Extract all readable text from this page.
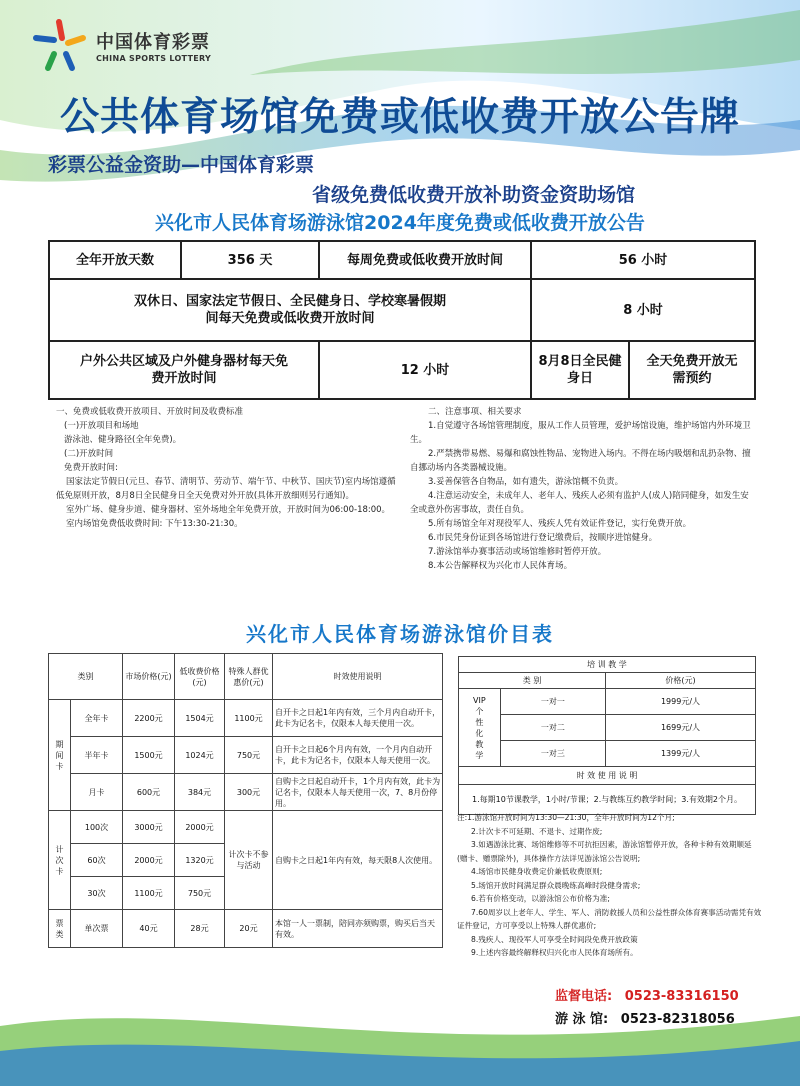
中国体育彩票
CHINA SPORTS LOTTERY
公共体育场馆免费或低收费开放公告牌
彩票公益金资助—中国体育彩票
省级免费低收费开放补助资金资助场馆
兴化市人民体育场游泳馆2024年度免费或低收费开放公告
全年开放天数	356 天	每周免费或低收费开放时间	56 小时	
双休日、国家法定节假日、全民健身日、学校寒暑假期间每天免费或低收费开放时间			8 小时	
户外公共区域及户外健身器材每天免费开放时间		12 小时	8月8日全民健身日	全天免费开放无需预约

一、免费或低收费开放项目、开放时间及收费标准

(一)开放项目和场地

游泳池、健身路径(全年免费)。

(二)开放时间

免费开放时间:

国家法定节假日(元旦、春节、清明节、劳动节、端午节、中秋节、国庆节)室内场馆遵循低免原则开放，8月8日全民健身日全天免费对外开放(具体开放细则另行通知)。

室外广场、健身步道、健身器材、室外场地全年免费开放，开放时间为06:00-18:00。

室内场馆免费低收费时间: 下午13:30-21:30。

二、注意事项、相关要求

1.自觉遵守各场馆管理制度，服从工作人员管理，爱护场馆设施，维护场馆内外环境卫生。

2.严禁携带易燃、易爆和腐蚀性物品、宠物进入场内。不得在场内吸烟和乱扔杂物、擅自挪动场内各类器械设施。

3.妥善保管各自物品，如有遗失，游泳馆概不负责。

4.注意运动安全，未成年人、老年人、残疾人必须有监护人(成人)陪同健身，如发生安全或意外伤害事故，责任自负。

5.所有场馆全年对现役军人、残疾人凭有效证件登记，实行免费开放。

6.市民凭身份证到各场馆进行登记缴费后，按顺序进馆健身。

7.游泳馆举办赛事活动或场馆维修时暂停开放。

8.本公告解释权为兴化市人民体育场。

兴化市人民体育场游泳馆价目表
类别		市场价格(元)	低收费价格(元)	特殊人群优惠价(元)	时效使用说明
期间卡	全年卡	2200元	1504元	1100元	自开卡之日起1年内有效，三个月内自动开卡，此卡为记名卡，仅限本人每天使用一次。
	半年卡	1500元	1024元	750元	自开卡之日起6个月内有效，一个月内自动开卡，此卡为记名卡，仅限本人每天使用一次。
	月卡	600元	384元	300元	自购卡之日起自动开卡，1个月内有效，此卡为记名卡，仅限本人每天使用一次，7、8月份停用。
计次卡	100次	3000元	2000元	计次卡不参与活动	自购卡之日起1年内有效，每天限8人次使用。
	60次	2000元	1320元		
	30次	1100元	750元		
票类	单次票	40元	28元	20元	本馆一人一票制，陪同亦须购票，购买后当天有效。
培 训 教 学		
类 别		价格(元)
VIP个性化教学	一对一	1999元/人
	一对二	1699元/人
	一对三	1399元/人
时 效 使 用 说 明		
1.每期10节课教学，1小时/节课；2.与教练互约教学时间；3.有效期2个月。		

注:1.游泳馆开放时间为13:30—21:30，全年开放时间为12个月;

2.计次卡不可延期、不退卡、过期作废;

3.如遇游泳比赛、场馆维修等不可抗拒因素，游泳馆暂停开放，各种卡种有效期顺延(赠卡、赠票除外)，具体操作方法详见游泳馆公告说明;

4.场馆市民健身收费定价兼低收费原则;

5.场馆开放时间满足群众晨晚练高峰时段健身需求;

6.若有价格变动，以游泳馆公布价格为准;

7.60周岁以上老年人、学生、军人、消防救援人员和公益性群众体育赛事活动需凭有效证件登记，方可享受以上特殊人群优惠价;

8.残疾人、现役军人可享受全时间段免费开放政策

9.上述内容最终解释权归兴化市人民体育场所有。

监督电话: 0523-83316150
游 泳 馆: 0523-82318056
